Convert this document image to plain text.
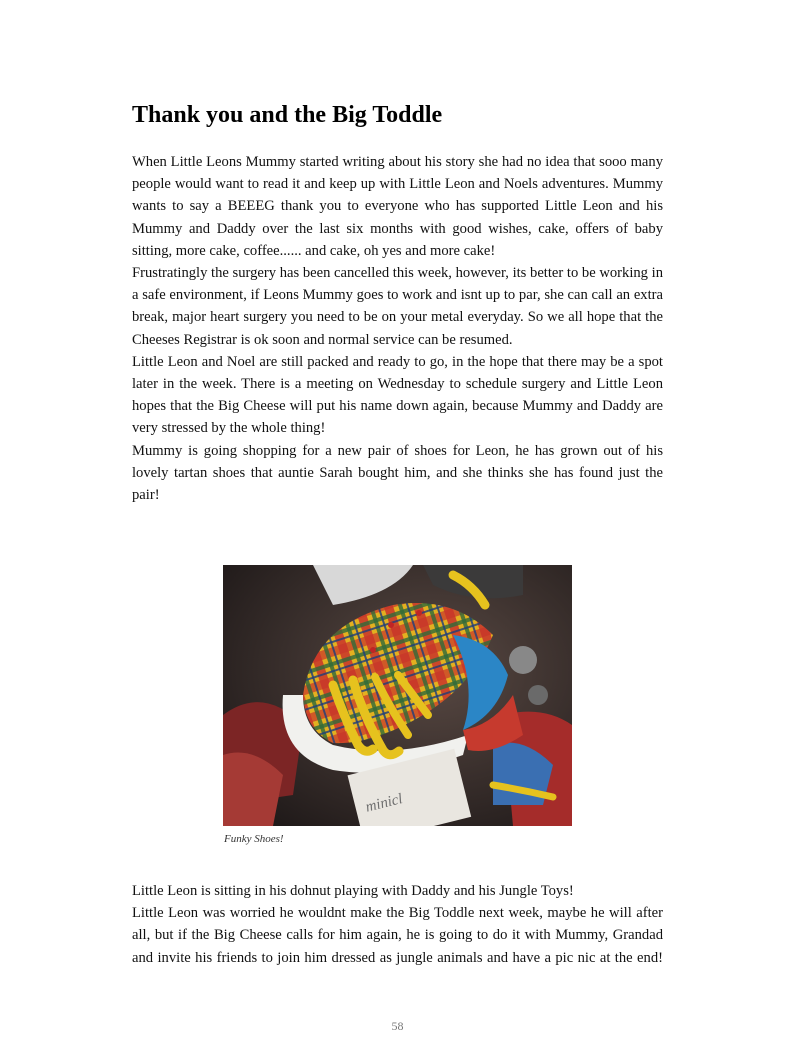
Thank you and the Big Toddle

When Little Leons Mummy started writing about his story she had no idea that sooo many people would want to read it and keep up with Little Leon and Noels adventures. Mummy wants to say a BEEEG thank you to everyone who has supported Little Leon and his Mummy and Daddy over the last six months with good wishes, cake, offers of baby sitting, more cake, coffee...... and cake, oh yes and more cake!

Frustratingly the surgery has been cancelled this week, however, its better to be working in a safe environment, if Leons Mummy goes to work and isnt up to par, she can call an extra break, major heart surgery you need to be on your metal everyday. So we all hope that the Cheeses Registrar is ok soon and normal service can be resumed.

Little Leon and Noel are still packed and ready to go, in the hope that there may be a spot later in the week. There is a meeting on Wednesday to schedule surgery and Little Leon hopes that the Big Cheese will put his name down again, because Mummy and Daddy are very stressed by the whole thing!

Mummy is going shopping for a new pair of shoes for Leon, he has grown out of his lovely tartan shoes that auntie Sarah bought him, and she thinks she has found just the pair!

minicl
Funky Shoes!

Little Leon is sitting in his dohnut playing with Daddy and his Jungle Toys!

Little Leon was worried he wouldnt make the Big Toddle next week, maybe he will after all, but if the Big Cheese calls for him again, he is going to do it with Mummy, Grandad and invite his friends to join him dressed as jungle animals and have a pic nic at the end!

58
